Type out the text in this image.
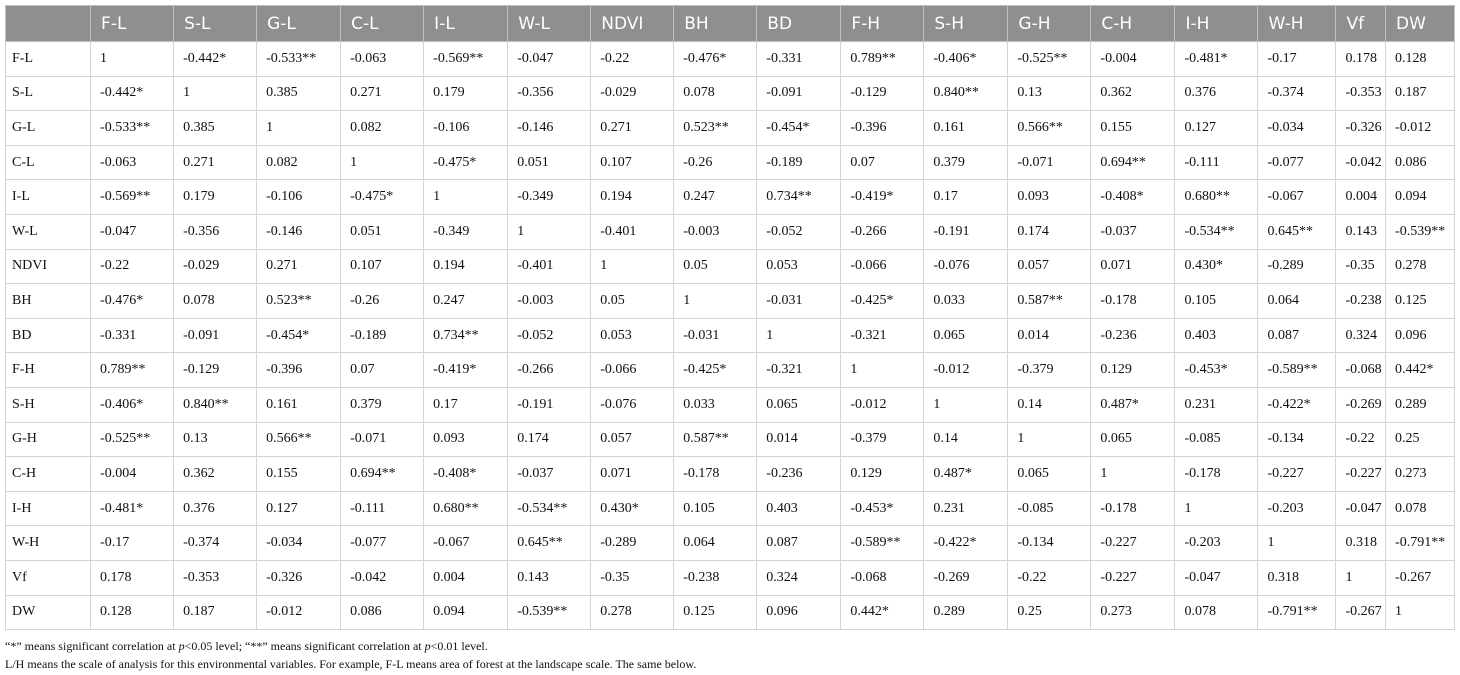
	F-L	S-L	G-L	C-L	I-L	W-L	NDVI	BH	BD	F-H	S-H	G-H	C-H	I-H	W-H	Vf	DW
F-L	1	-0.442*	-0.533**	-0.063	-0.569**	-0.047	-0.22	-0.476*	-0.331	0.789**	-0.406*	-0.525**	-0.004	-0.481*	-0.17	0.178	0.128
S-L	-0.442*	1	0.385	0.271	0.179	-0.356	-0.029	0.078	-0.091	-0.129	0.840**	0.13	0.362	0.376	-0.374	-0.353	0.187
G-L	-0.533**	0.385	1	0.082	-0.106	-0.146	0.271	0.523**	-0.454*	-0.396	0.161	0.566**	0.155	0.127	-0.034	-0.326	-0.012
C-L	-0.063	0.271	0.082	1	-0.475*	0.051	0.107	-0.26	-0.189	0.07	0.379	-0.071	0.694**	-0.111	-0.077	-0.042	0.086
I-L	-0.569**	0.179	-0.106	-0.475*	1	-0.349	0.194	0.247	0.734**	-0.419*	0.17	0.093	-0.408*	0.680**	-0.067	0.004	0.094
W-L	-0.047	-0.356	-0.146	0.051	-0.349	1	-0.401	-0.003	-0.052	-0.266	-0.191	0.174	-0.037	-0.534**	0.645**	0.143	-0.539**
NDVI	-0.22	-0.029	0.271	0.107	0.194	-0.401	1	0.05	0.053	-0.066	-0.076	0.057	0.071	0.430*	-0.289	-0.35	0.278
BH	-0.476*	0.078	0.523**	-0.26	0.247	-0.003	0.05	1	-0.031	-0.425*	0.033	0.587**	-0.178	0.105	0.064	-0.238	0.125
BD	-0.331	-0.091	-0.454*	-0.189	0.734**	-0.052	0.053	-0.031	1	-0.321	0.065	0.014	-0.236	0.403	0.087	0.324	0.096
F-H	0.789**	-0.129	-0.396	0.07	-0.419*	-0.266	-0.066	-0.425*	-0.321	1	-0.012	-0.379	0.129	-0.453*	-0.589**	-0.068	0.442*
S-H	-0.406*	0.840**	0.161	0.379	0.17	-0.191	-0.076	0.033	0.065	-0.012	1	0.14	0.487*	0.231	-0.422*	-0.269	0.289
G-H	-0.525**	0.13	0.566**	-0.071	0.093	0.174	0.057	0.587**	0.014	-0.379	0.14	1	0.065	-0.085	-0.134	-0.22	0.25
C-H	-0.004	0.362	0.155	0.694**	-0.408*	-0.037	0.071	-0.178	-0.236	0.129	0.487*	0.065	1	-0.178	-0.227	-0.227	0.273
I-H	-0.481*	0.376	0.127	-0.111	0.680**	-0.534**	0.430*	0.105	0.403	-0.453*	0.231	-0.085	-0.178	1	-0.203	-0.047	0.078
W-H	-0.17	-0.374	-0.034	-0.077	-0.067	0.645**	-0.289	0.064	0.087	-0.589**	-0.422*	-0.134	-0.227	-0.203	1	0.318	-0.791**
Vf	0.178	-0.353	-0.326	-0.042	0.004	0.143	-0.35	-0.238	0.324	-0.068	-0.269	-0.22	-0.227	-0.047	0.318	1	-0.267
DW	0.128	0.187	-0.012	0.086	0.094	-0.539**	0.278	0.125	0.096	0.442*	0.289	0.25	0.273	0.078	-0.791**	-0.267	1
“*” means significant correlation at p<0.05 level; “**” means significant correlation at p<0.01 level.
L/H means the scale of analysis for this environmental variables. For example, F-L means area of forest at the landscape scale. The same below.
